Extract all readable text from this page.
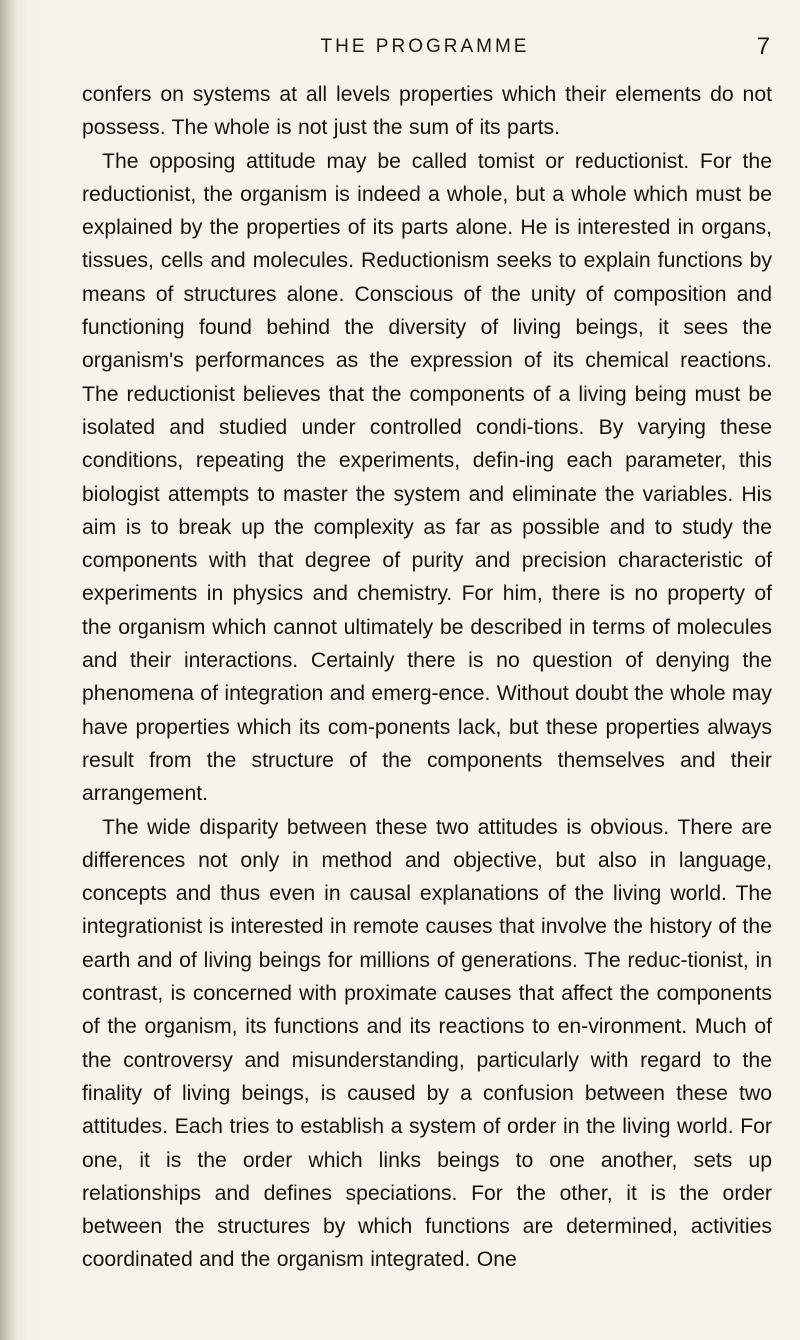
THE PROGRAMME	7

confers on systems at all levels properties which their elements do not possess. The whole is not just the sum of its parts.

The opposing attitude may be called tomist or reductionist. For the reductionist, the organism is indeed a whole, but a whole which must be explained by the properties of its parts alone. He is interested in organs, tissues, cells and molecules. Reductionism seeks to explain functions by means of structures alone. Conscious of the unity of composition and functioning found behind the diversity of living beings, it sees the organism's performances as the expression of its chemical reactions. The reductionist believes that the components of a living being must be isolated and studied under controlled condi-tions. By varying these conditions, repeating the experiments, defin-ing each parameter, this biologist attempts to master the system and eliminate the variables. His aim is to break up the complexity as far as possible and to study the components with that degree of purity and precision characteristic of experiments in physics and chemistry. For him, there is no property of the organism which cannot ultimately be described in terms of molecules and their interactions. Certainly there is no question of denying the phenomena of integration and emerg-ence. Without doubt the whole may have properties which its com-ponents lack, but these properties always result from the structure of the components themselves and their arrangement.

The wide disparity between these two attitudes is obvious. There are differences not only in method and objective, but also in language, concepts and thus even in causal explanations of the living world. The integrationist is interested in remote causes that involve the history of the earth and of living beings for millions of generations. The reduc-tionist, in contrast, is concerned with proximate causes that affect the components of the organism, its functions and its reactions to en-vironment. Much of the controversy and misunderstanding, particularly with regard to the finality of living beings, is caused by a confusion between these two attitudes. Each tries to establish a system of order in the living world. For one, it is the order which links beings to one another, sets up relationships and defines speciations. For the other, it is the order between the structures by which functions are determined, activities coordinated and the organism integrated. One
